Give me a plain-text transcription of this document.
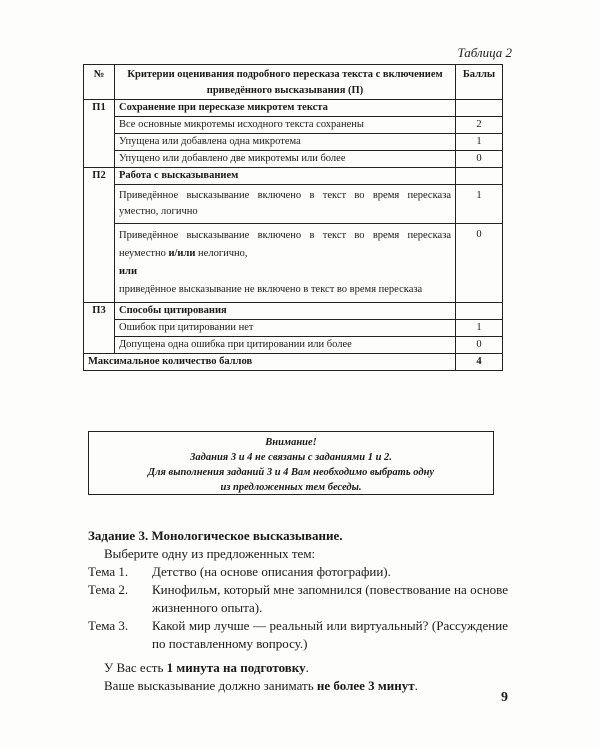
Таблица 2
№	Критерии оценивания подробного пересказа текста с включением приведённого высказывания (П)	Баллы
П1	Сохранение при пересказе микротем текста	
	Все основные микротемы исходного текста сохранены	2
	Упущена или добавлена одна микротема	1
	Упущено или добавлено две микротемы или более	0
П2	Работа с высказыванием	
	Приведённое высказывание включено в текст во время пересказа уместно, логично	1
	Приведённое высказывание включено в текст во время пересказа неуместно и/или нелогично,
или
приведённое высказывание не включено в текст во время пересказа	0
П3	Способы цитирования	
	Ошибок при цитировании нет	1
	Допущена одна ошибка при цитировании или более	0
Максимальное количество баллов		4
Внимание!
Задания 3 и 4 не связаны с заданиями 1 и 2.
Для выполнения заданий 3 и 4 Вам необходимо выбрать одну
из предложенных тем беседы.
Задание 3. Монологическое высказывание.
Выберите одну из предложенных тем:
Тема 1.	Детство (на основе описания фотографии).
Тема 2.	Кинофильм, который мне запомнился (повествование на основе жизненного опыта).
Тема 3.	Какой мир лучше — реальный или виртуальный? (Рассуждение по поставленному вопросу.)
У Вас есть 1 минута на подготовку.
Ваше высказывание должно занимать не более 3 минут.
9
